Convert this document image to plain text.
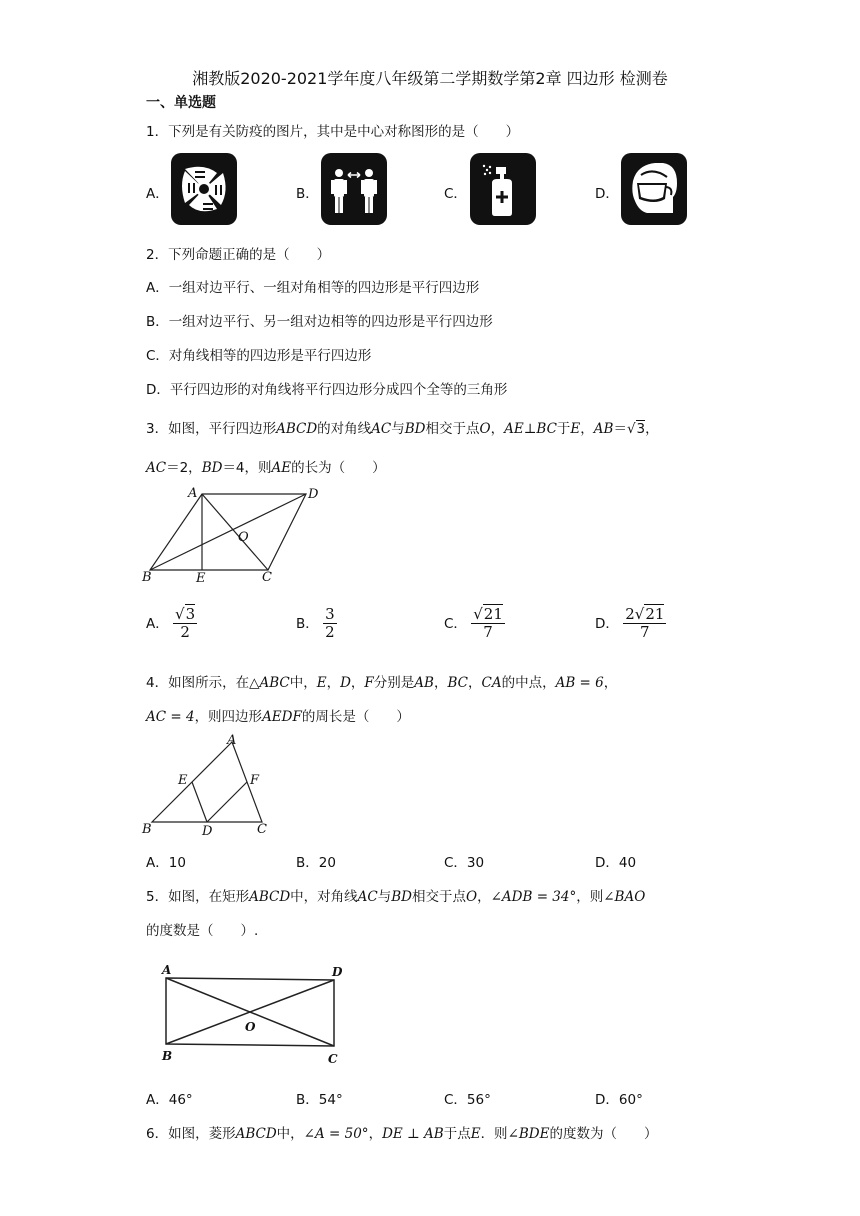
湘教版2020-2021学年度八年级第二学期数学第2章 四边形 检测卷
一、单选题
1．下列是有关防疫的图片，其中是中心对称图形的是（　　）
A．	B．	C．	D．
2．下列命题正确的是（　　）
A．一组对边平行、一组对角相等的四边形是平行四边形
B．一组对边平行、另一组对边相等的四边形是平行四边形
C．对角线相等的四边形是平行四边形
D．平行四边形的对角线将平行四边形分成四个全等的三角形
3．如图，平行四边形ABCD的对角线AC与BD相交于点O，AE⊥BC于E，AB＝√3，
AC＝2，BD＝4，则AE的长为（　　）
A	D
B	E	C
O
A． $\frac{√3}{2}$	B． $\frac{3}{2}$	C． $\frac{√21}{7}$	D． $\frac{2√21}{7}$
4．如图所示，在△ABC中，E，D，F分别是AB，BC，CA的中点，AB = 6，
AC = 4，则四边形AEDF的周长是（　　）
A
E	F
B	D	C
A．10	B．20	C．30	D．40
5．如图，在矩形ABCD中，对角线AC与BD相交于点O，∠ADB = 34°，则∠BAO
的度数是（　　）.
A	D
B	C
O
A．46°	B．54°	C．56°	D．60°
6．如图，菱形ABCD中，∠A = 50°，DE ⊥ AB于点E．则∠BDE的度数为（　　）
